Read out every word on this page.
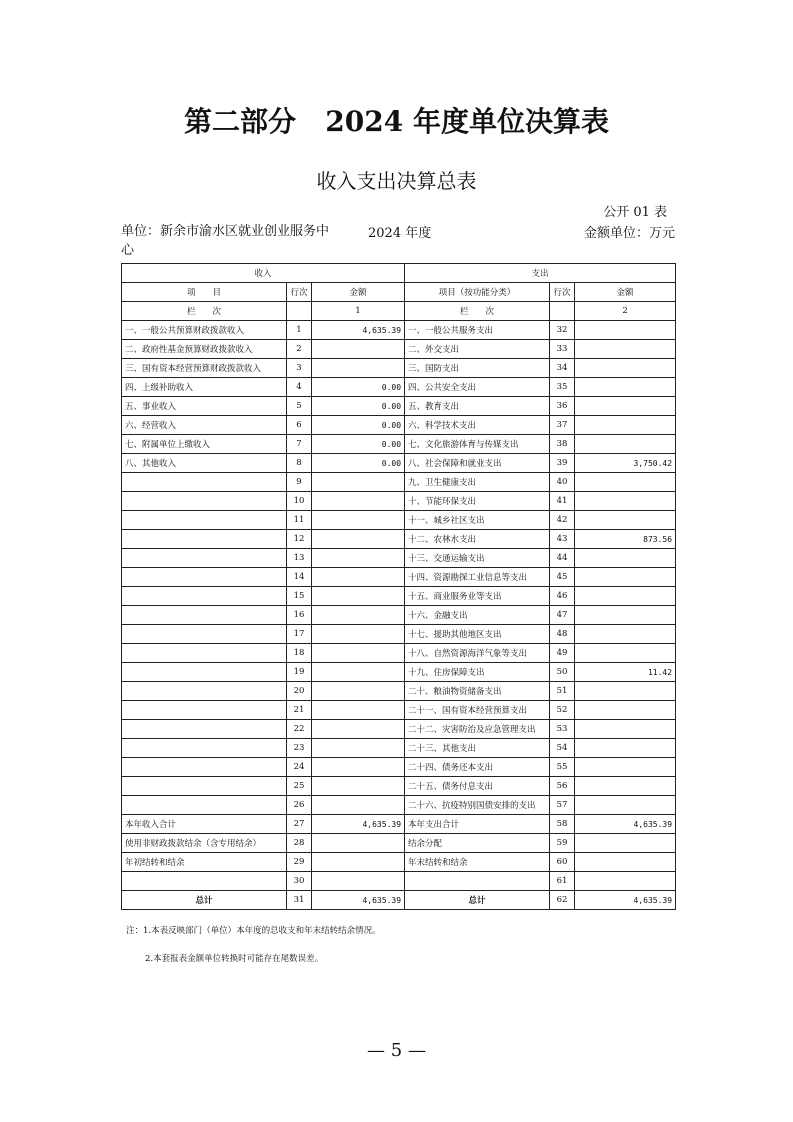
第二部分   2024 年度单位决算表
收入支出决算总表
公开 01 表
单位：新余市渝水区就业创业服务中心
2024 年度	金额单位：万元
收入			支出		
项　　目	行次	金额	项目（按功能分类）	行次	金额
栏　　次		1	栏　　次		2
一、一般公共预算财政拨款收入	1	4,635.39	一、一般公共服务支出	32	
二、政府性基金预算财政拨款收入	2		二、外交支出	33	
三、国有资本经营预算财政拨款收入	3		三、国防支出	34	
四、上级补助收入	4	0.00	四、公共安全支出	35	
五、事业收入	5	0.00	五、教育支出	36	
六、经营收入	6	0.00	六、科学技术支出	37	
七、附属单位上缴收入	7	0.00	七、文化旅游体育与传媒支出	38	
八、其他收入	8	0.00	八、社会保障和就业支出	39	3,750.42
	9		九、卫生健康支出	40	
	10		十、节能环保支出	41	
	11		十一、城乡社区支出	42	
	12		十二、农林水支出	43	873.56
	13		十三、交通运输支出	44	
	14		十四、资源勘探工业信息等支出	45	
	15		十五、商业服务业等支出	46	
	16		十六、金融支出	47	
	17		十七、援助其他地区支出	48	
	18		十八、自然资源海洋气象等支出	49	
	19		十九、住房保障支出	50	11.42
	20		二十、粮油物资储备支出	51	
	21		二十一、国有资本经营预算支出	52	
	22		二十二、灾害防治及应急管理支出	53	
	23		二十三、其他支出	54	
	24		二十四、债务还本支出	55	
	25		二十五、债务付息支出	56	
	26		二十六、抗疫特别国债安排的支出	57	
本年收入合计	27	4,635.39	本年支出合计	58	4,635.39
使用非财政拨款结余（含专用结余）	28		结余分配	59	
年初结转和结余	29		年末结转和结余	60	
	30			61	
总计	31	4,635.39	总计	62	4,635.39
注：1.本表反映部门（单位）本年度的总收支和年末结转结余情况。
2.本套报表金额单位转换时可能存在尾数误差。
— 5 —
